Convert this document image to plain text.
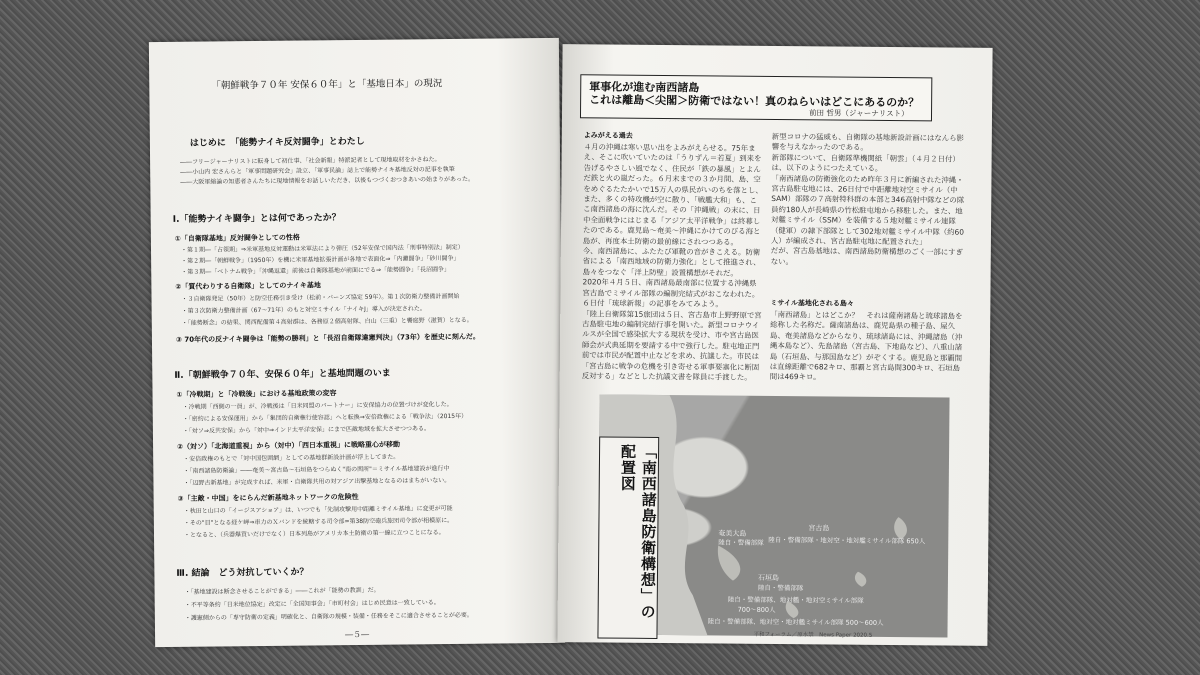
「朝鮮戦争７０年 安保６０年」と「基地日本」の現況
はじめに　「能勢ナイキ反対闘争」とわたし
――フリージャーナリストに転身して初仕事、「社会新報」特派記者として現地取材をかさねた。
――小山内 宏さんらと「軍事問題研究会」設立、「軍事民論」誌上で能勢ナイキ基地反対の記事を執筆
――大阪軍縮論の知恵者さんたちに現地情報をお話しいただき、以後もつづくおつきあいの始まりがあった。
Ⅰ.「能勢ナイキ闘争」とは何であったか？
①「自衛隊基地」反対闘争としての性格
・第１期―「占領期」⇒米軍基地反対運動は米軍法により弾圧（52年安保で国内法「刑事特別法」制定）
・第２期―「朝鮮戦争」（1950年）を機に米軍基地拡張計画が各地で表面化⇒「内灘闘争」「砂川闘争」
・第３期―「ベトナム戦争」「沖縄返還」前後は自衛隊基地が前面にでる⇒「能勢闘争」「長沼闘争」
②「質代わりする自衛隊」としてのナイキ基地
・３自衛隊発足（50年）と防空任務引き受け（松前・バーンズ協定 59年）。第１次防衛力整備計画開始
・第３次防衛力整備計画（67～71年）のもと対空ミサイル「ナイキJ」導入が決定された。
・「能勢断念」の結果、関西配備第４高射群は、各務原２個高射隊、白山（三重）と饗庭野（滋賀）となる。
③ 70年代の反ナイキ闘争は「能勢の勝利」と「長沼自衛隊違憲判決」（73年）を歴史に刻んだ。
Ⅱ.「朝鮮戦争７０年、安保６０年」と基地問題のいま
①「冷戦期」と「冷戦後」における基地政策の変容
・冷戦期「西側の一員」が、冷戦後は「日米同盟のパートナー」に安保協力の位置づけが変化した。
・「密約による安保運用」から「集団的自衛権行使容認」へと転換⇒安倍政権による「戦争法」（2015年）
・「対ソ⇒反共安保」から「対中⇒インド太平洋安保」にまで匹敵地域を拡大させつつある。
②（対ソ）「北海道重視」から（対中）「西日本重視」に戦略重心が移動
・安倍政権のもとで「対中国包囲網」としての基地群新設計画が浮上してきた。
・「南西諸島防衛論」――奄美～宮古島～石垣島をつらぬく"南の関所"＝ミサイル基地建設が進行中
・「辺野古新基地」が完成すれば、米軍・自衛隊共用の対アジア出撃基地となるのはまちがいない。
③「主敵・中国」をにらんだ新基地ネットワークの危険性
・秋田と山口の「イージスアショア」は、いつでも「先制攻撃用中距離ミサイル基地」に変更が可能
・その"目"となる経ケ岬⇒車力のＸバンドを統轄する司令部=第38防空砲兵旅団司令部が相模原に。
・となると、（兵器爆買いだけでなく）日本列島がアメリカ本土防衛の第一線に立つことになる。
Ⅲ. 結論　どう対抗していくか？
・「基地建設は断念させることができる」――これが「能勢の教訓」だ。
・不平等条約「日米地位協定」改定に「全国知事会」「市町村会」はじめ民意は一致している。
・護憲側からの「専守防衛の定義」明確化と、自衛隊の規模・装備・任務をそこに適合させることが必要。
―５―
軍事化が進む南西諸島
これは離島＜尖閣＞防衛ではない！真のねらいはどこにあるのか？
前田 哲男（ジャーナリスト）
よみがえる過去

４月の沖縄は寒い思い出をよみがえらせる。75年まえ、そこに吹いていたのは「うりずん＝若夏」到来を告げるやさしい風でなく、住民が「鉄の暴風」とよんだ鉄と火の嵐だった。６月末までの３か月間、島、空をめぐるたたかいで15万人の県民がいのちを落とし、また、多くの特攻機が空に散り、「戦艦大和」も、ここ南西諸島の海に沈んだ。その「沖縄戦」の末に、日中全面戦争にはじまる「アジア太平洋戦争」は終幕したのである。鹿児島～奄美～沖縄にかけてのびる海と島が、再度本土防衛の最前線にされつつある。

今、南西諸島に、ふたたび軍靴の音がきこえる。防衛省による「南西地域の防衛力強化」として推進され、島々をつなぐ「洋上防壁」設置構想がそれだ。

2020年４月５日、南西諸島最南部に位置する沖縄県宮古島でミサイル部隊の編制完結式がおこなわれた。６日付「琉球新報」の記事をみてみよう。

「陸上自衛隊第15旅団は５日、宮古島市上野野原で宮古島駐屯地の編制完結行事を開いた。新型コロナウイルスが全国で感染拡大する現状を受け、市や宮古島医師会が式典延期を要請する中で強行した。駐屯地正門前では市民が配置中止などを求め、抗議した。市民は「宮古島に戦争の危機を引き寄せる軍事要塞化に断固反対する」などとした抗議文書を隊員に手渡した。

新型コロナの猛威も、自衛隊の基地新設計画にはなんら影響を与えなかったのである。

新部隊について、自衛隊準機関紙「朝雲」（４月２日付）は、以下のようにつたえている。

「南西諸島の防衛強化のため昨年３月に新編された沖縄・宮古島駐屯地には、26日付で中距離地対空ミサイル（中SAM）部隊の７高射特科群の本部と346高射中隊などの隊員約180人が長崎県の竹松駐屯地から移駐した。また、地対艦ミサイル（SSM）を装備する５地対艦ミサイル連隊（健軍）の隷下部隊として302地対艦ミサイル中隊（約60人）が編成され、宮古島駐屯地に配置された」

だが、宮古島基地は、南西諸島防衛構想のごく一部にすぎない。

ミサイル基地化される島々
「南西諸島」とはどこか？　それは薩南諸島と琉球諸島を総称した名称だ。薩南諸島は、鹿児島県の種子島、屋久島、奄美諸島などからなり、琉球諸島には、沖縄諸島（沖縄本島など）、先島諸島（宮古島、下地島など）、八重山諸島（石垣島、与那国島など）がぞくする。鹿児島と那覇間は直線距離で682キロ、那覇と宮古島間300キロ、石垣島間は469キロ。
奄美大島
陸自・警備部隊
宮古島
陸自・警備部隊・地対空・地対艦ミサイル部隊 650人
石垣島
陸自・警備部隊
陸自・警備部隊、地対艦・地対空ミサイル部隊
700～800人
陸自・警備部隊、地対空・地対艦ミサイル部隊 500～600人
「南西諸島防衛構想」の配置図
平和フォーラム／原水禁　News Paper 2020.5
